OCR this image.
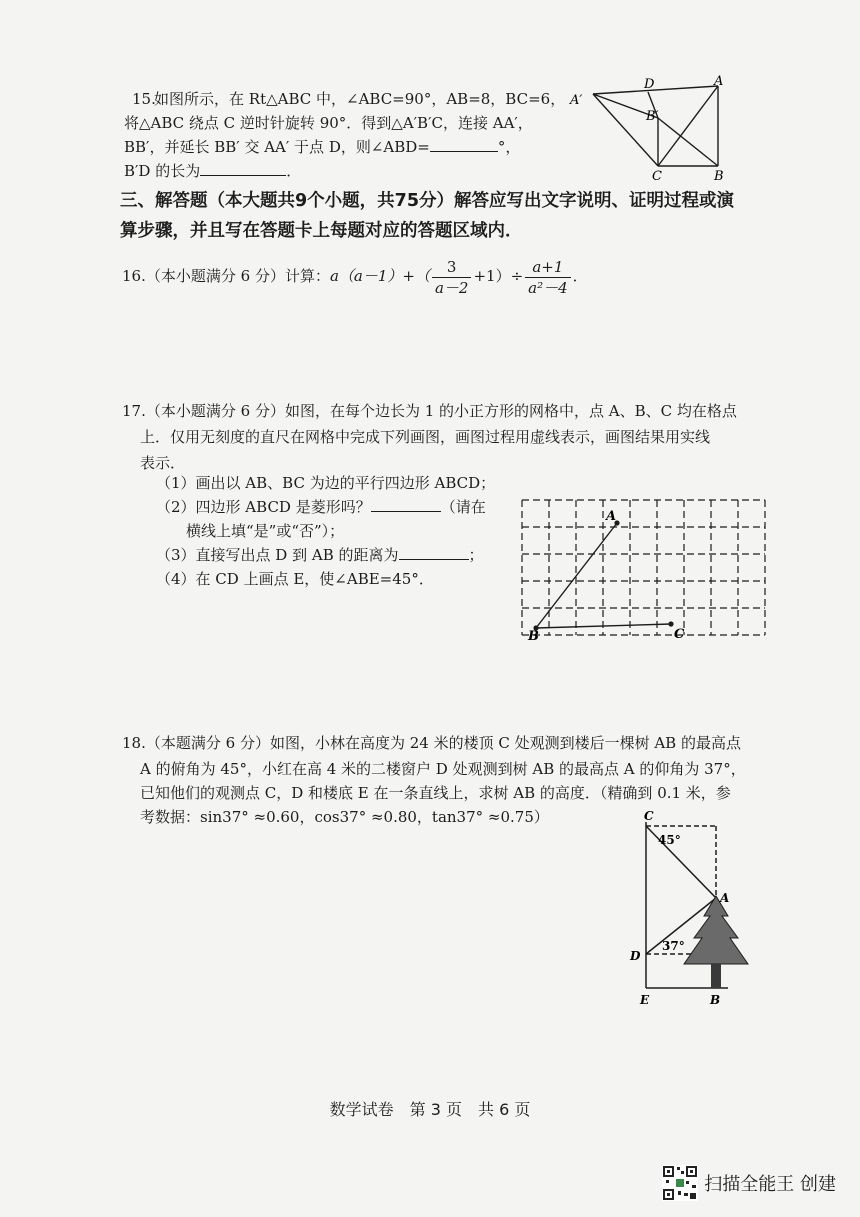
15.
如图所示，在 Rt△ABC 中，∠ABC=90°，AB=8，BC=6，
将△ABC 绕点 C 逆时针旋转 90°．得到△A′B′C，连接 AA′，
BB′，并延长 BB′ 交 AA′ 于点 D，则∠ABD=	°，
B′D 的长为	．
A
A′
D
B′
C	B
三、解答题（本大题共9个小题，共75分）解答应写出文字说明、证明过程或演
算步骤，并且写在答题卡上每题对应的答题区域内．
16.（本小题满分 6 分）计算：$a(a-1)+( \frac{3}{a-2} +1)\div \frac{a+1}{\text{a²－4}}$ ．
17.（本小题满分 6 分）如图，在每个边长为 1 的小正方形的网格中，点 A、B、C 均在格点
上．仅用无刻度的直尺在网格中完成下列画图，画图过程用虚线表示，画图结果用实线
表示．
（1）画出以 AB、BC 为边的平行四边形 ABCD；
（2）四边形 ABCD 是菱形吗？	（请在
横线上填“是”或“否”）；
（3）直接写出点 D 到 AB 的距离为	；
（4）在 CD 上画点 E，使∠ABE=45°．
A
B	C
18.（本题满分 6 分）如图，小林在高度为 24 米的楼顶 C 处观测到楼后一棵树 AB 的最高点
A 的俯角为 45°，小红在高 4 米的二楼窗户 D 处观测到树 AB 的最高点 A 的仰角为 37°，
已知他们的观测点 C，D 和楼底 E 在一条直线上，求树 AB 的高度．（精确到 0.1 米，参
考数据：sin37° ≈0.60，cos37° ≈0.80，tan37° ≈0.75）	C
45°
A
D
37°
E	B
数学试卷　第 3 页　共 6 页
扫描全能王 创建
